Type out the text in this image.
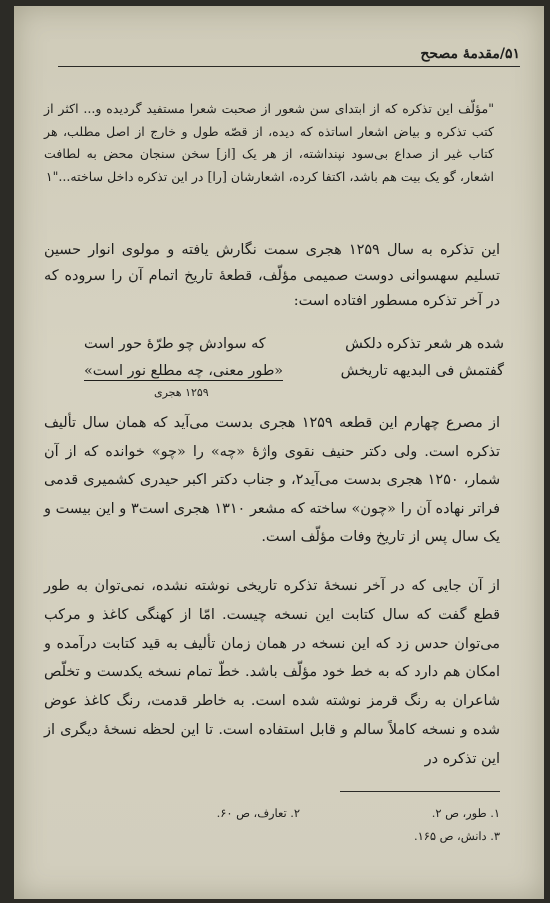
۵۱/مقدمهٔ مصحح
"مؤلّف این تذکره که از ابتدای سن شعور از صحبت شعرا مستفید گردیده و... اکثر از کتب تذکره و بیاض اشعار اساتذه که دیده، از قصّه طول و خارج از اصل مطلب، هر کتاب غیر از صداع بی‌سود نپنداشته، از هر یک [از] سخن سنجان محض به لطافت اشعار، گو یک بیت هم باشد، اکتفا کرده، اشعارشان [را] در این تذکره داخل ساخته..."۱
این تذکره به سال ۱۲۵۹ هجری سمت نگارش یافته و مولوی انوار حسین تسلیم سهسوانی دوست صمیمی مؤلّف، قطعهٔ تاریخ اتمام آن را سروده که در آخر تذکره مسطور افتاده است:
شده هر شعر تذکره دلکش
که سوادش چو طرّهٔ حور است
گفتمش فی البدیهه تاریخش
«طور معنی، چه مطلع نور است»
۱۲۵۹ هجری
از مصرع چهارم این قطعه ۱۲۵۹ هجری بدست می‌آید که همان سال تألیف تذکره است. ولی دکتر حنیف نقوی واژهٔ «چه» را «چو» خوانده که از آن شمار، ۱۲۵۰ هجری بدست می‌آید۲، و جناب دکتر اکبر حیدری کشمیری قدمی فراتر نهاده آن را «چون» ساخته که مشعر ۱۳۱۰ هجری است۳ و این بیست و یک سال پس از تاریخ وفات مؤلّف است.
از آن جایی که در آخر نسخهٔ تذکره تاریخی نوشته نشده، نمی‌توان به طور قطع گفت که سال کتابت این نسخه چیست. امّا از کهنگی کاغذ و مرکب می‌توان حدس زد که این نسخه در همان زمان تألیف به قید کتابت درآمده و امکان هم دارد که به خط خود مؤلّف باشد. خطّ تمام نسخه یکدست و تخلّص شاعران به رنگ قرمز نوشته شده است. به خاطر قدمت، رنگ کاغذ عوض شده و نسخه کاملاً سالم و قابل استفاده است. تا این لحظه نسخهٔ دیگری از این تذکره در
۱. طور، ص ۲.
۲. تعارف، ص ۶۰.
۳. دانش، ص ۱۶۵.
